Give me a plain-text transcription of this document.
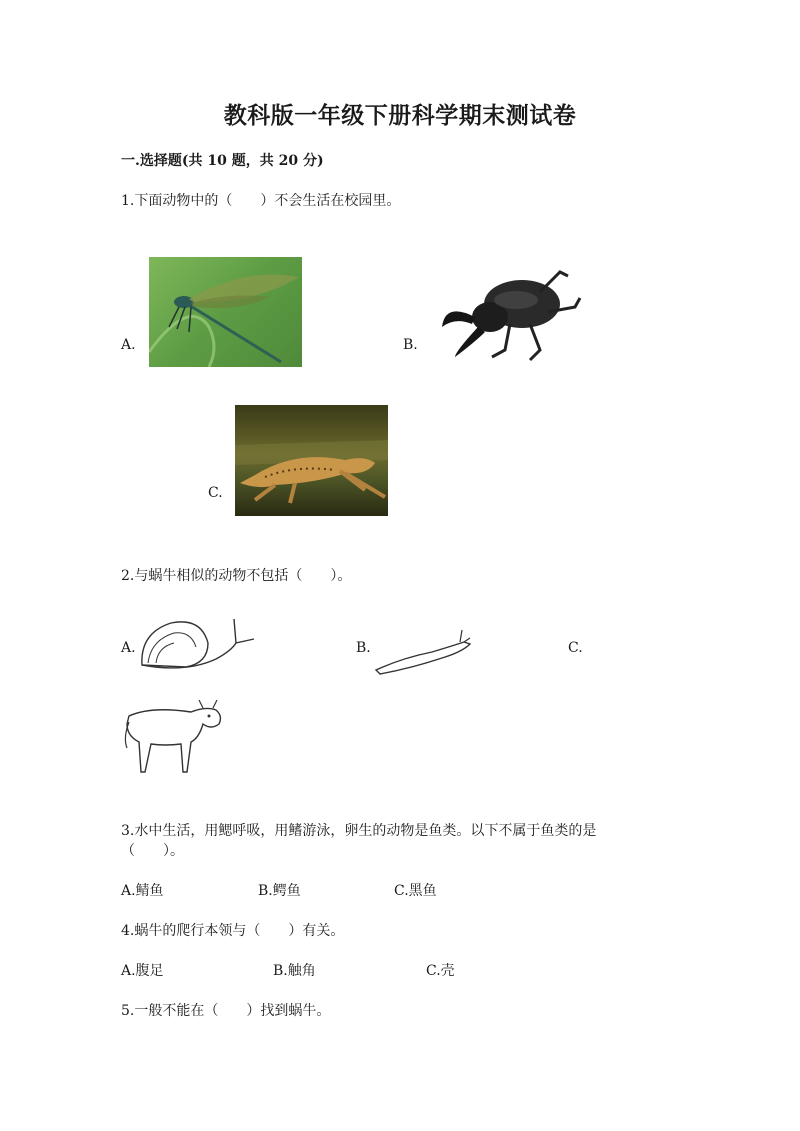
教科版一年级下册科学期末测试卷
一.选择题(共 10 题，共 20 分)
1.下面动物中的（　　）不会生活在校园里。
A.	B.
C.
2.与蜗牛相似的动物不包括（　　）。
A.	B.	C.
3.水中生活，用鳃呼吸，用鳍游泳，卵生的动物是鱼类。以下不属于鱼类的是
（　　）。
A.鲭鱼	B.鳄鱼	C.黑鱼
4.蜗牛的爬行本领与（　　）有关。
A.腹足	B.触角	C.壳
5.一般不能在（　　）找到蜗牛。
